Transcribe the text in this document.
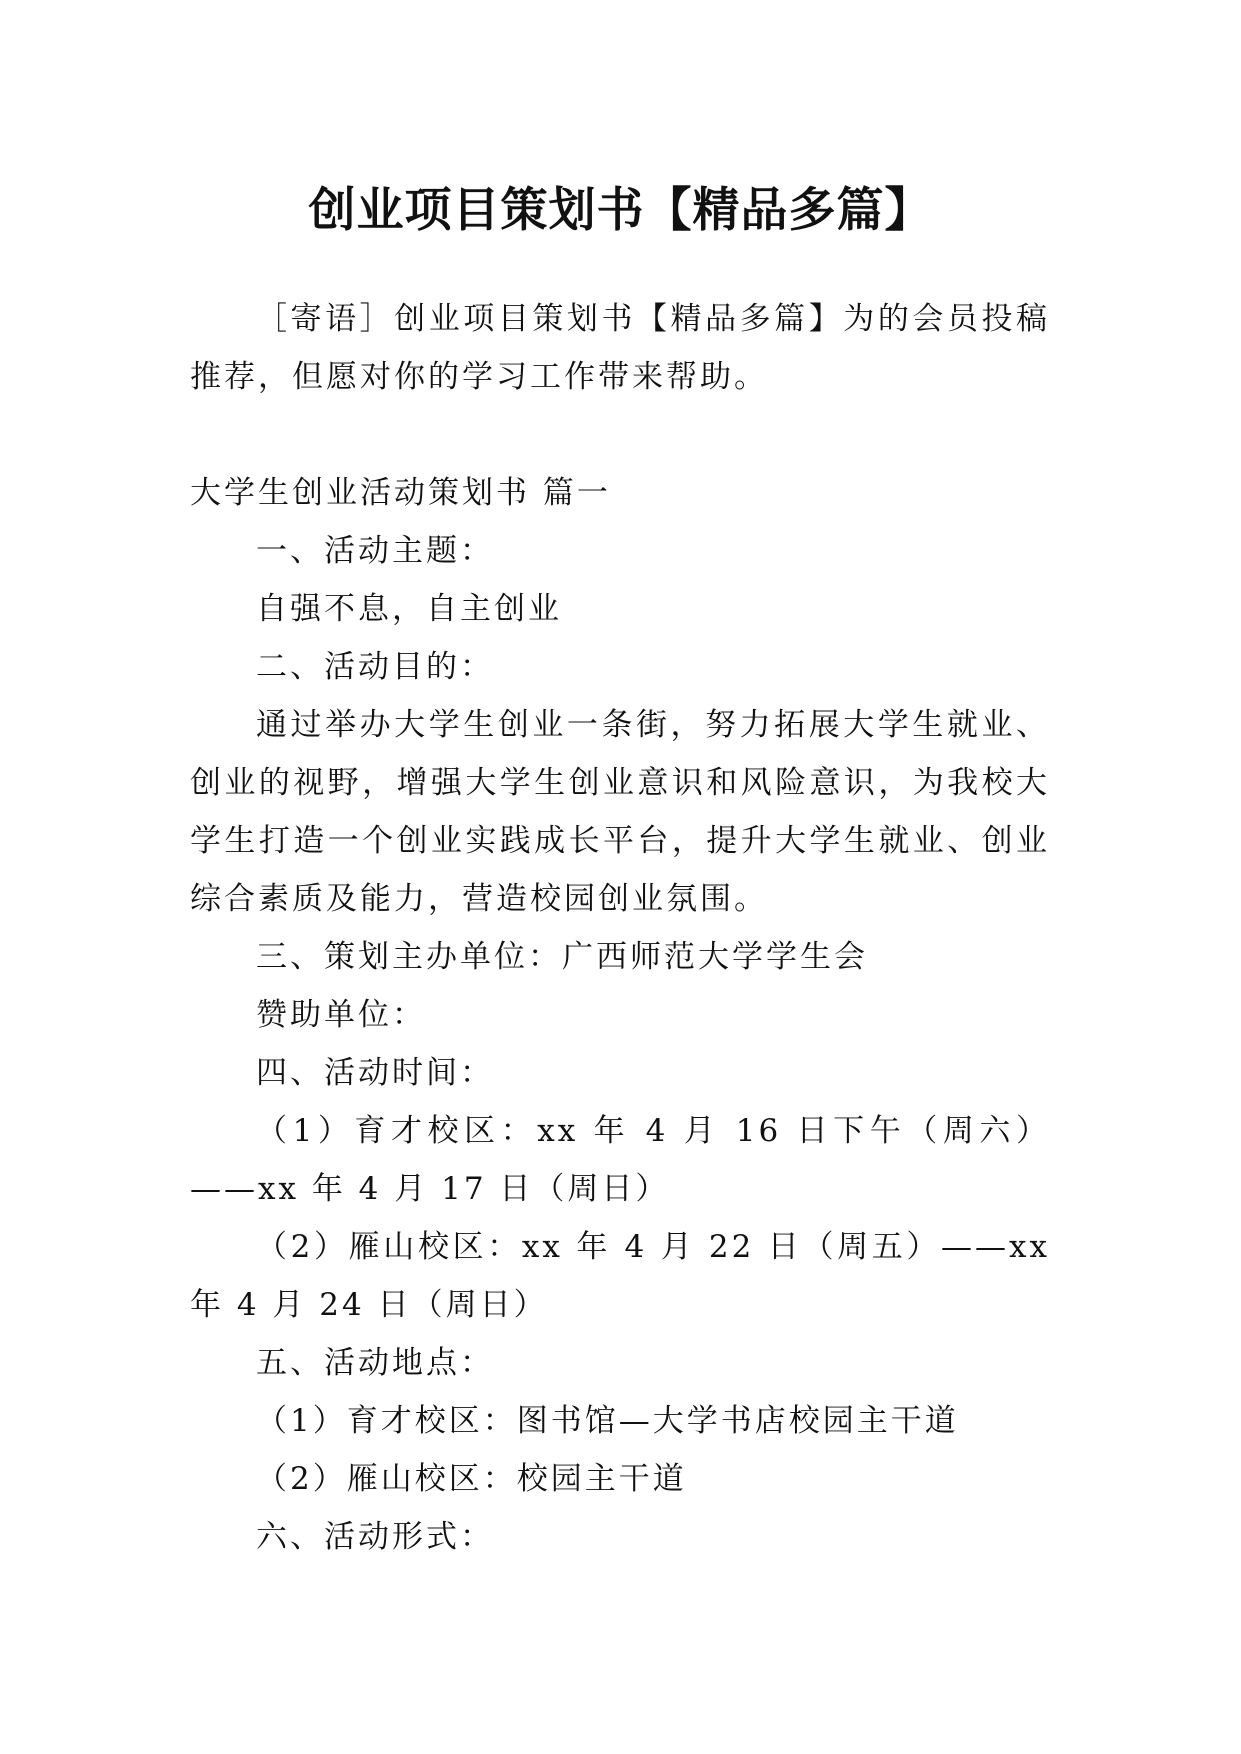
创业项目策划书【精品多篇】

［寄语］创业项目策划书【精品多篇】为的会员投稿推荐，但愿对你的学习工作带来帮助。

大学生创业活动策划书 篇一

一、活动主题：

自强不息，自主创业

二、活动目的：

通过举办大学生创业一条街，努力拓展大学生就业、创业的视野，增强大学生创业意识和风险意识，为我校大学生打造一个创业实践成长平台，提升大学生就业、创业综合素质及能力，营造校园创业氛围。

三、策划主办单位：广西师范大学学生会

赞助单位：

四、活动时间：

（1）育才校区：xx 年 4 月 16 日下午（周六）——xx 年 4 月 17 日（周日）

（2）雁山校区：xx 年 4 月 22 日（周五）——xx 年 4 月 24 日（周日）

五、活动地点：

（1）育才校区：图书馆—大学书店校园主干道

（2）雁山校区：校园主干道

六、活动形式：
